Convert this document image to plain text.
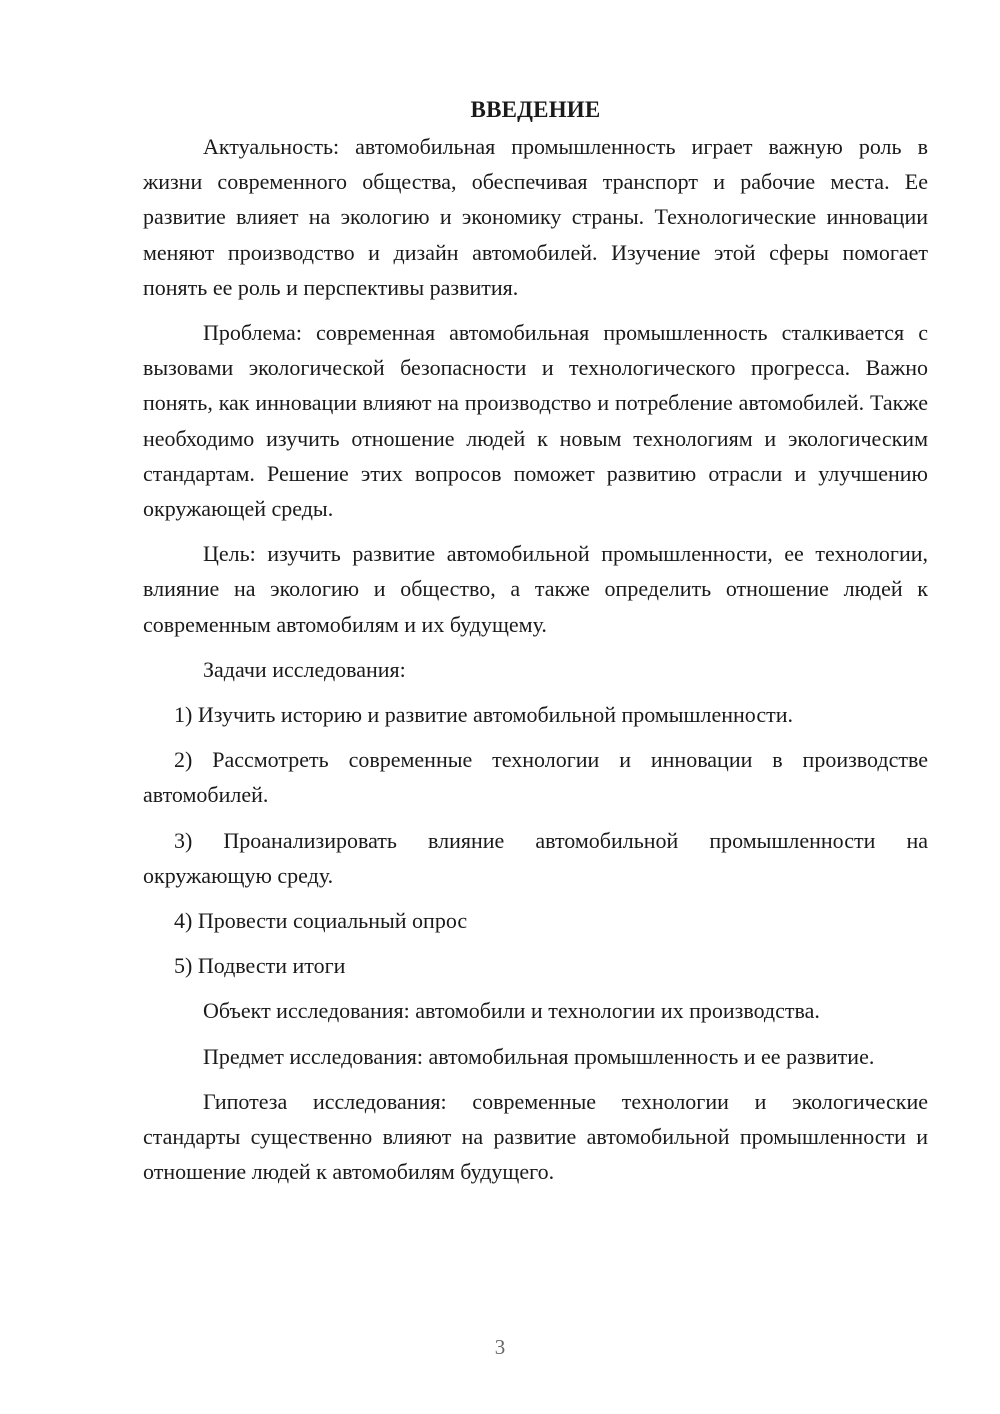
ВВЕДЕНИЕ

Актуальность: автомобильная промышленность играет важную роль в жизни современного общества, обеспечивая транспорт и рабочие места. Ее развитие влияет на экологию и экономику страны. Технологические инновации меняют производство и дизайн автомобилей. Изучение этой сферы помогает понять ее роль и перспективы развития.

Проблема: современная автомобильная промышленность сталкивается с вызовами экологической безопасности и технологического прогресса. Важно понять, как инновации влияют на производство и потребление автомобилей. Также необходимо изучить отношение людей к новым технологиям и экологическим стандартам. Решение этих вопросов поможет развитию отрасли и улучшению окружающей среды.

Цель: изучить развитие автомобильной промышленности, ее технологии, влияние на экологию и общество, а также определить отношение людей к современным автомобилям и их будущему.

Задачи исследования:

1) Изучить историю и развитие автомобильной промышленности.

2) Рассмотреть современные технологии и инновации в производстве автомобилей.

3) Проанализировать влияние автомобильной промышленности на окружающую среду.

4) Провести социальный опрос

5) Подвести итоги

Объект исследования: автомобили и технологии их производства.

Предмет исследования: автомобильная промышленность и ее развитие.

Гипотеза исследования: современные технологии и экологические стандарты существенно влияют на развитие автомобильной промышленности и отношение людей к автомобилям будущего.

3
